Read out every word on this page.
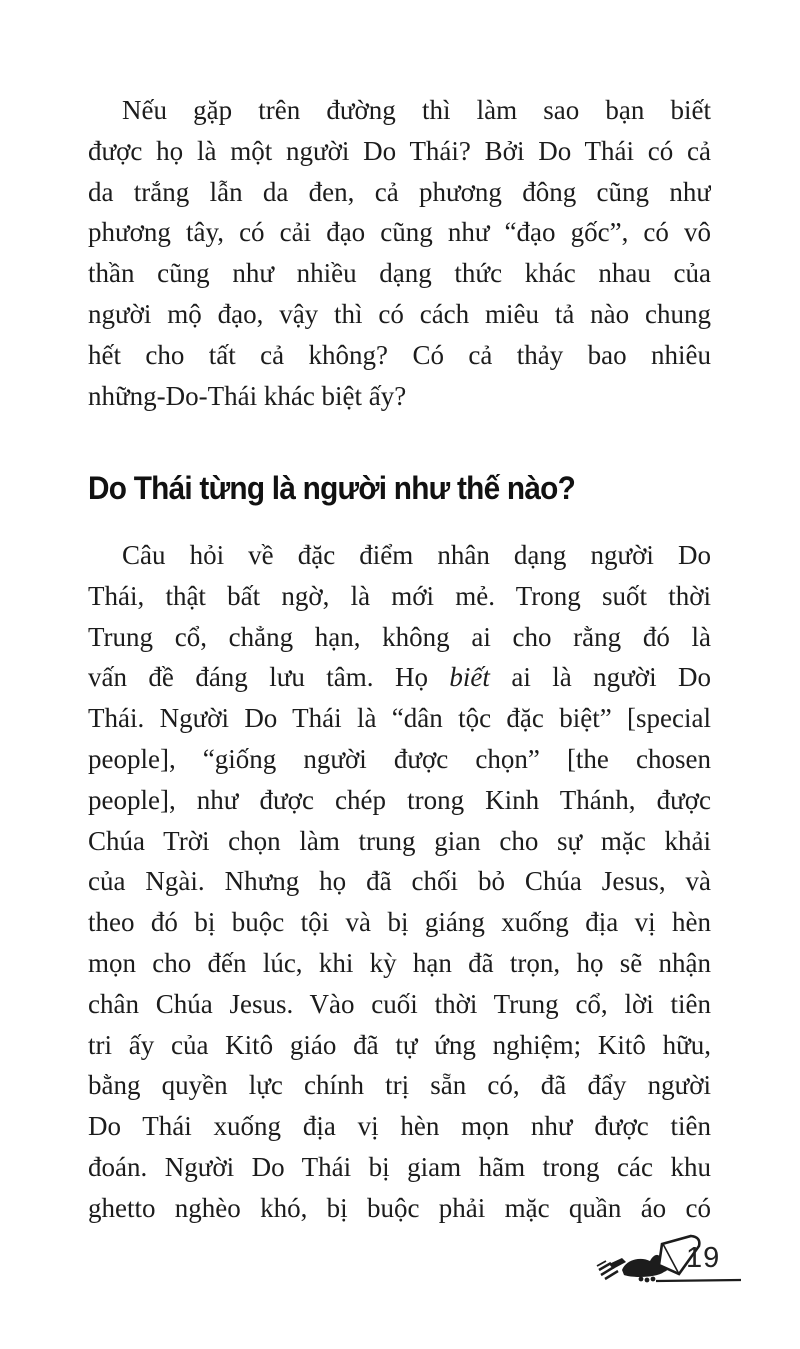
Nếu gặp trên đường thì làm sao bạn biết
được họ là một người Do Thái? Bởi Do Thái có cả
da trắng lẫn da đen, cả phương đông cũng như
phương tây, có cải đạo cũng như “đạo gốc”, có vô
thần cũng như nhiều dạng thức khác nhau của
người mộ đạo, vậy thì có cách miêu tả nào chung
hết cho tất cả không? Có cả thảy bao nhiêu
những-Do-Thái khác biệt ấy?
Do Thái từng là người như thế nào?
Câu hỏi về đặc điểm nhân dạng người Do
Thái, thật bất ngờ, là mới mẻ. Trong suốt thời
Trung cổ, chẳng hạn, không ai cho rằng đó là
vấn đề đáng lưu tâm. Họ biết ai là người Do
Thái. Người Do Thái là “dân tộc đặc biệt” [special
people], “giống người được chọn” [the chosen
people], như được chép trong Kinh Thánh, được
Chúa Trời chọn làm trung gian cho sự mặc khải
của Ngài. Nhưng họ đã chối bỏ Chúa Jesus, và
theo đó bị buộc tội và bị giáng xuống địa vị hèn
mọn cho đến lúc, khi kỳ hạn đã trọn, họ sẽ nhận
chân Chúa Jesus. Vào cuối thời Trung cổ, lời tiên
tri ấy của Kitô giáo đã tự ứng nghiệm; Kitô hữu,
bằng quyền lực chính trị sẵn có, đã đẩy người
Do Thái xuống địa vị hèn mọn như được tiên
đoán. Người Do Thái bị giam hãm trong các khu
ghetto nghèo khó, bị buộc phải mặc quần áo có
19
